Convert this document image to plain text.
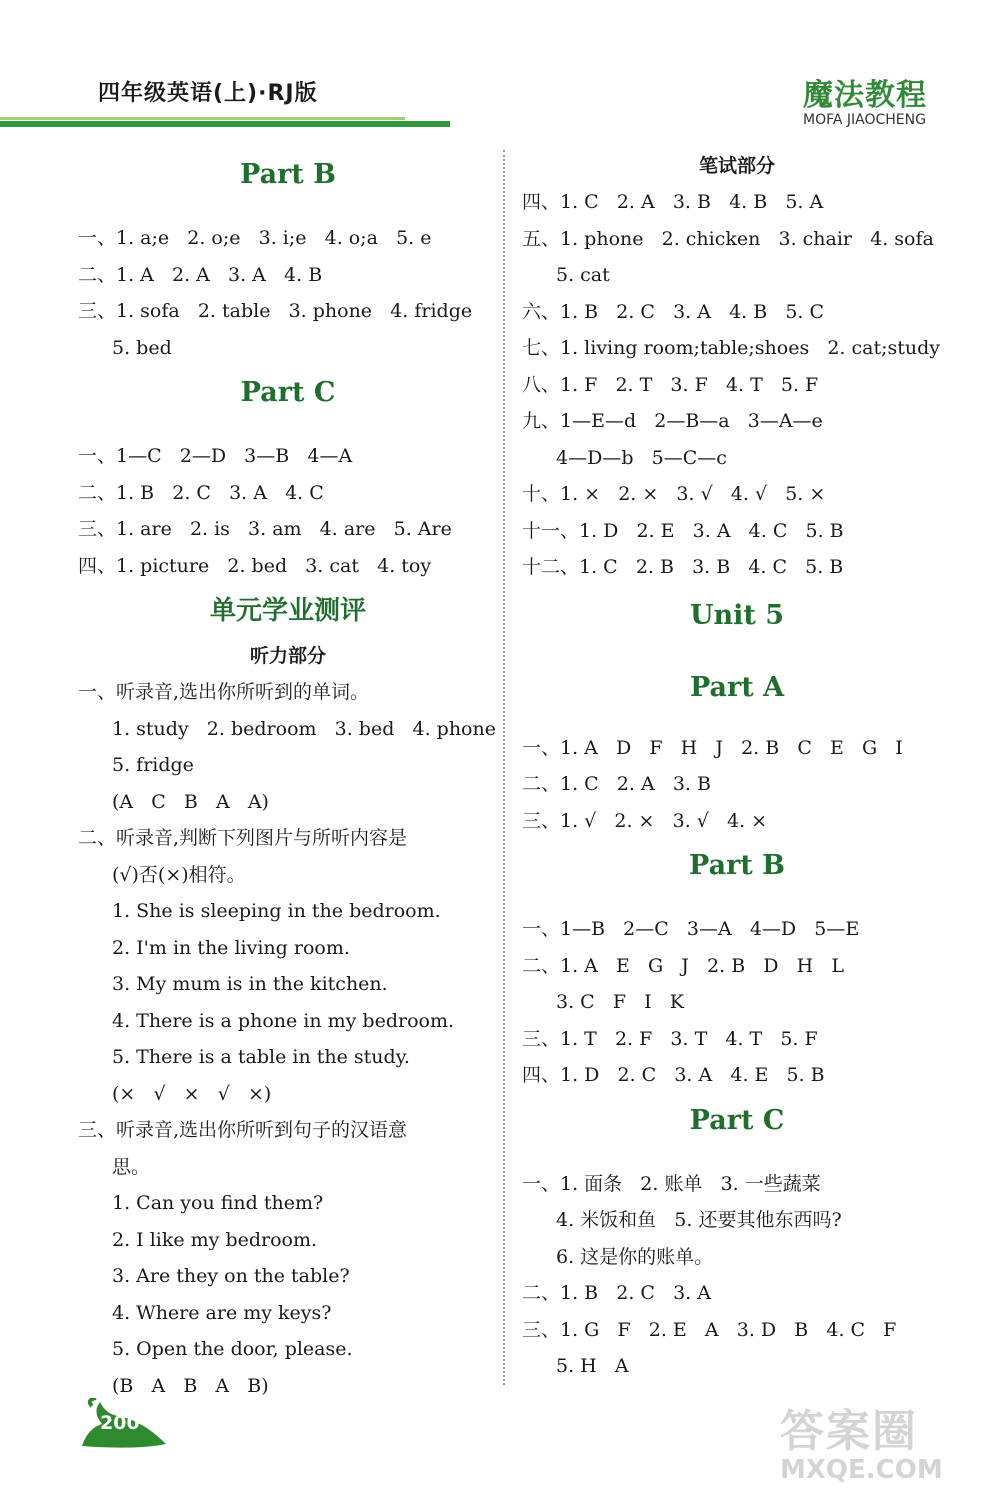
四年级英语(上)·RJ版	魔法教程
MOFA JIAOCHENG
Part B
一、1. a;e   2. o;e   3. i;e   4. o;a   5. e
二、1. A   2. A   3. A   4. B
三、1. sofa   2. table   3. phone   4. fridge
5. bed
Part C
一、1—C   2—D   3—B   4—A
二、1. B   2. C   3. A   4. C
三、1. are   2. is   3. am   4. are   5. Are
四、1. picture   2. bed   3. cat   4. toy
单元学业测评
听力部分
一、听录音,选出你所听到的单词。
1. study   2. bedroom   3. bed   4. phone
5. fridge
(A   C   B   A   A)
二、听录音,判断下列图片与所听内容是
(√)否(×)相符。
1. She is sleeping in the bedroom.
2. I'm in the living room.
3. My mum is in the kitchen.
4. There is a phone in my bedroom.
5. There is a table in the study.
(×   √   ×   √   ×)
三、听录音,选出你所听到句子的汉语意
思。
1. Can you find them?
2. I like my bedroom.
3. Are they on the table?
4. Where are my keys?
5. Open the door, please.
(B   A   B   A   B)
笔试部分
四、1. C   2. A   3. B   4. B   5. A
五、1. phone   2. chicken   3. chair   4. sofa
5. cat
六、1. B   2. C   3. A   4. B   5. C
七、1. living room;table;shoes   2. cat;study
八、1. F   2. T   3. F   4. T   5. F
九、1—E—d   2—B—a   3—A—e
4—D—b   5—C—c
十、1. ×   2. ×   3. √   4. √   5. ×
十一、1. D   2. E   3. A   4. C   5. B
十二、1. C   2. B   3. B   4. C   5. B
Unit 5
Part A
一、1. A   D   F   H   J   2. B   C   E   G   I
二、1. C   2. A   3. B
三、1. √   2. ×   3. √   4. ×
Part B
一、1—B   2—C   3—A   4—D   5—E
二、1. A   E   G   J   2. B   D   H   L
3. C   F   I   K
三、1. T   2. F   3. T   4. T   5. F
四、1. D   2. C   3. A   4. E   5. B
Part C
一、1. 面条   2. 账单   3. 一些蔬菜
4. 米饭和鱼   5. 还要其他东西吗?
6. 这是你的账单。
二、1. B   2. C   3. A
三、1. G   F   2. E   A   3. D   B   4. C   F
5. H   A
200	答案圈
MXQE.COM
